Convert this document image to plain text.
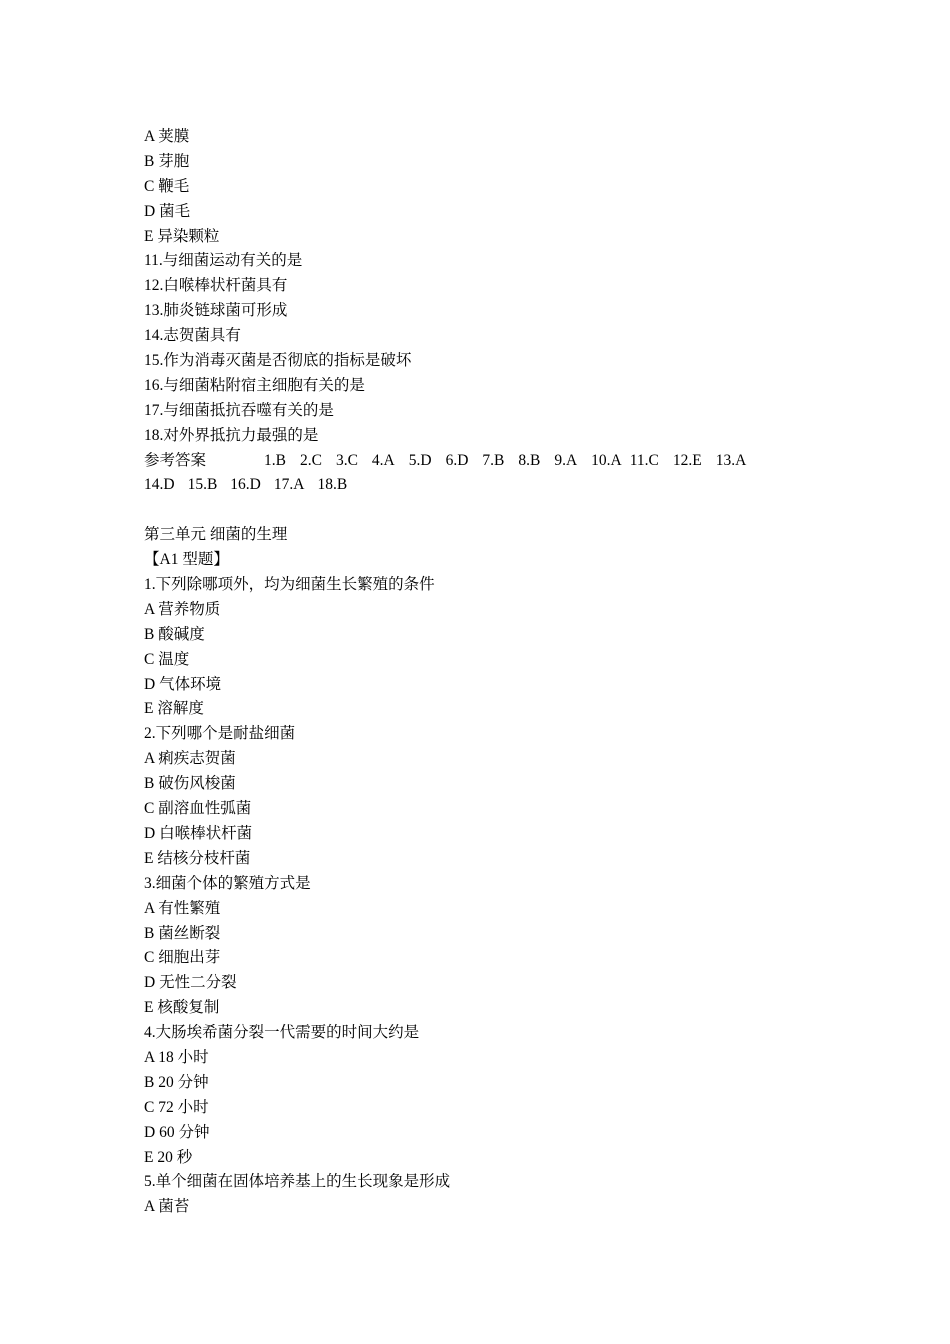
A 荚膜
B 芽胞
C 鞭毛
D 菌毛
E 异染颗粒
11.与细菌运动有关的是
12.白喉棒状杆菌具有
13.肺炎链球菌可形成
14.志贺菌具有
15.作为消毒灭菌是否彻底的指标是破坏
16.与细菌粘附宿主细胞有关的是
17.与细菌抵抗吞噬有关的是
18.对外界抵抗力最强的是
参考答案	1.B 2.C 3.C 4.A 5.D 6.D 7.B 8.B 9.A 10.A 11.C 12.E 13.A
14.D 15.B 16.D 17.A 18.B
第三单元 细菌的生理
【A1 型题】
1.下列除哪项外，均为细菌生长繁殖的条件
A 营养物质
B 酸碱度
C 温度
D 气体环境
E 溶解度
2.下列哪个是耐盐细菌
A 痢疾志贺菌
B 破伤风梭菌
C 副溶血性弧菌
D 白喉棒状杆菌
E 结核分枝杆菌
3.细菌个体的繁殖方式是
A 有性繁殖
B 菌丝断裂
C 细胞出芽
D 无性二分裂
E 核酸复制
4.大肠埃希菌分裂一代需要的时间大约是
A 18 小时
B 20 分钟
C 72 小时
D 60 分钟
E 20 秒
5.单个细菌在固体培养基上的生长现象是形成
A 菌苔
